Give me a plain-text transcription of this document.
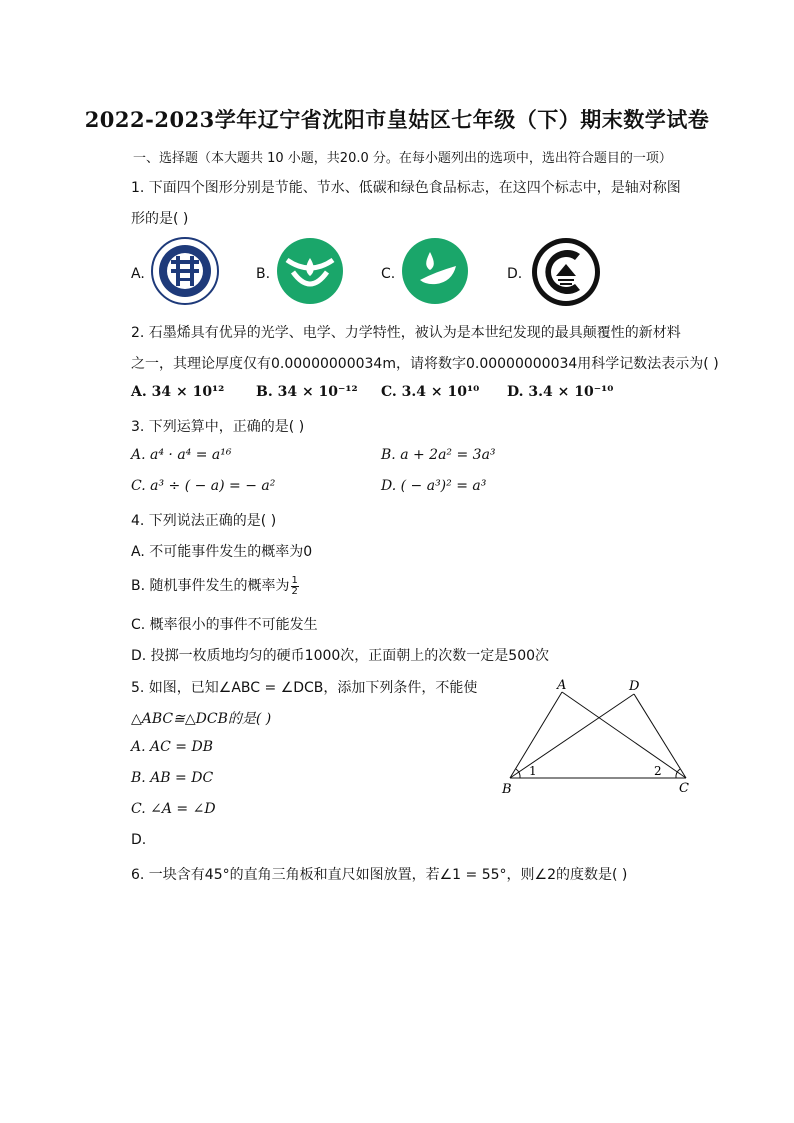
2022-2023学年辽宁省沈阳市皇姑区七年级（下）期末数学试卷
一、选择题（本大题共 10 小题，共20.0 分。在每小题列出的选项中，选出符合题目的一项）
1. 下面四个图形分别是节能、节水、低碳和绿色食品标志，在这四个标志中，是轴对称图
形的是( )
A.	B.	C.	D.
2. 石墨烯具有优异的光学、电学、力学特性，被认为是本世纪发现的最具颠覆性的新材料
之一，其理论厚度仅有0.00000000034m，请将数字0.00000000034用科学记数法表示为( )
A. 34 × 10¹² B. 34 × 10⁻¹² C. 3.4 × 10¹⁰ D. 3.4 × 10⁻¹⁰
3. 下列运算中，正确的是( )
A. a⁴ · a⁴ = a¹⁶	B. a + 2a² = 3a³
C. a³ ÷ ( − a) = − a²	D. ( − a³)² = a³
4. 下列说法正确的是( )
A. 不可能事件发生的概率为0
B. 随机事件发生的概率为 $\frac{1}{2}$
C. 概率很小的事件不可能发生
D. 投掷一枚质地均匀的硬币1000次，正面朝上的次数一定是500次
5. 如图，已知∠ABC = ∠DCB，添加下列条件，不能使
△ABC≅△DCB的是( )
A. AC = DB
B. AB = DC
C. ∠A = ∠D
D.
A	D
B	C
1	2
6. 一块含有45°的直角三角板和直尺如图放置，若∠1 = 55°，则∠2的度数是( )
